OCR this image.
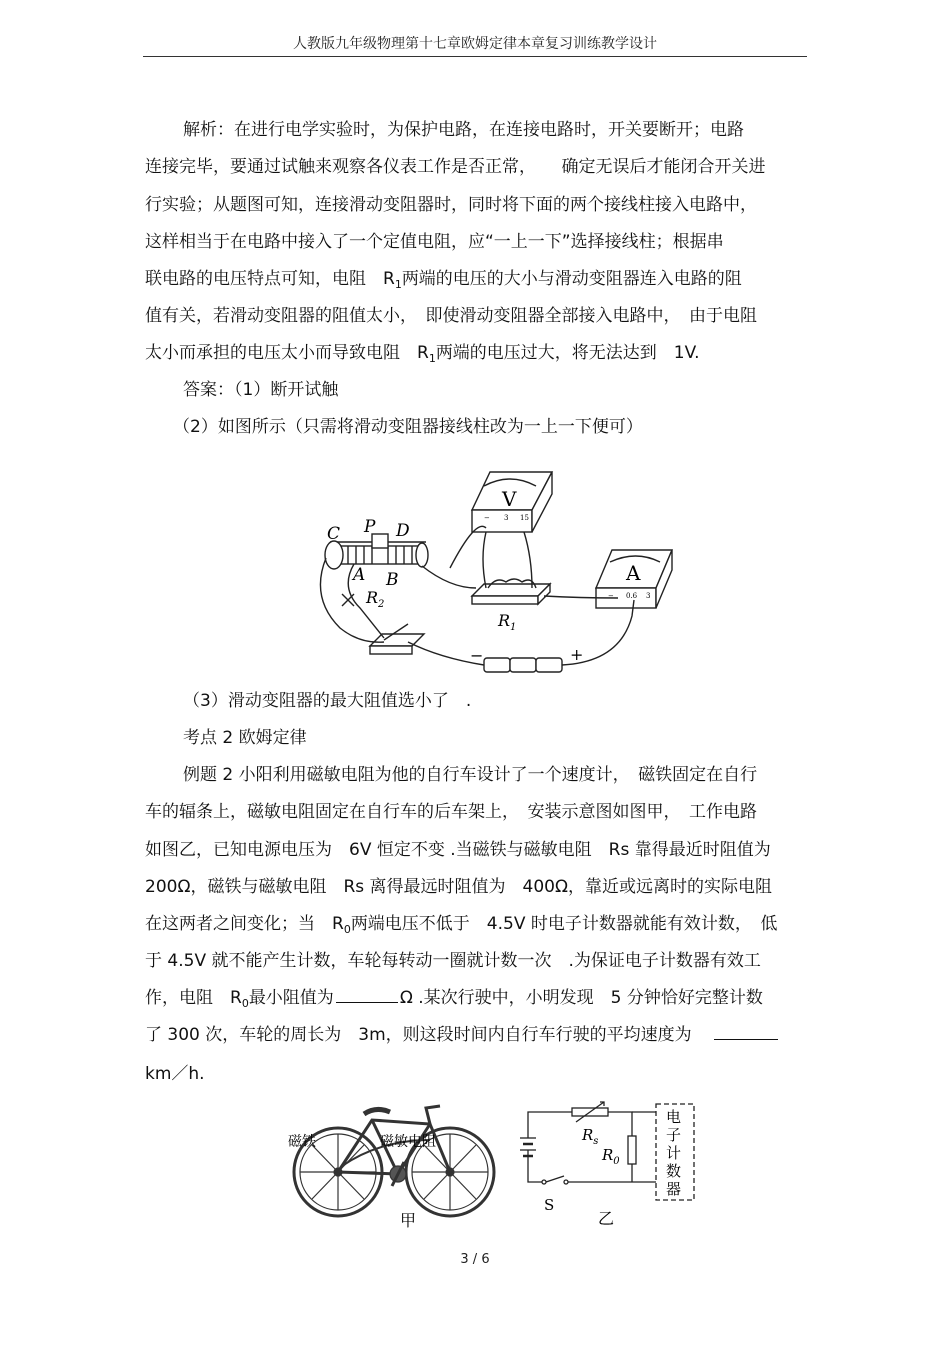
人教版九年级物理第十七章欧姆定律本章复习训练教学设计
解析：在进行电学实验时，为保护电路，在连接电路时，开关要断开；电路
连接完毕，要通过试触来观察各仪表工作是否正常，　　确定无误后才能闭合开关进
行实验；从题图可知，连接滑动变阻器时，同时将下面的两个接线柱接入电路中，
这样相当于在电路中接入了一个定值电阻，应“一上一下”选择接线柱；根据串
联电路的电压特点可知，电阻　$R_1$两端的电压的大小与滑动变阻器连入电路的阻
值有关，若滑动变阻器的阻值太小，　即使滑动变阻器全部接入电路中，　由于电阻
太小而承担的电压太小而导致电阻　$R_1$两端的电压过大，将无法达到　1V.
答案：（1）断开试触
（2）如图所示（只需将滑动变阻器接线柱改为一上一下便可）
C P D
A B
$R_2$
$R_1$
V
A
−	+
− 3 15
− 0.6 3
（3）滑动变阻器的最大阻值选小了　.
考点 2 欧姆定律
例题 2 小阳利用磁敏电阻为他的自行车设计了一个速度计，　磁铁固定在自行
车的辐条上，磁敏电阻固定在自行车的后车架上，　安装示意图如图甲，　工作电路
如图乙，已知电源电压为　6V 恒定不变 .当磁铁与磁敏电阻　Rs 靠得最近时阻值为
200Ω，磁铁与磁敏电阻　Rs 离得最远时阻值为　400Ω，靠近或远离时的实际电阻
在这两者之间变化；当　$R_0$两端电压不低于　4.5V 时电子计数器就能有效计数，　低
于 4.5V 就不能产生计数，车轮每转动一圈就计数一次　.为保证电子计数器有效工
作，电阻　$R_0$最小阻值为	Ω .某次行驶中，小明发现　5 分钟恰好完整计数
了 300 次，车轮的周长为　3m，则这段时间内自行车行驶的平均速度为
km／h.
磁铁	磁敏电阻
甲
$R_s$
$R_0$
S
乙
电
子
计
数
器
3 / 6
